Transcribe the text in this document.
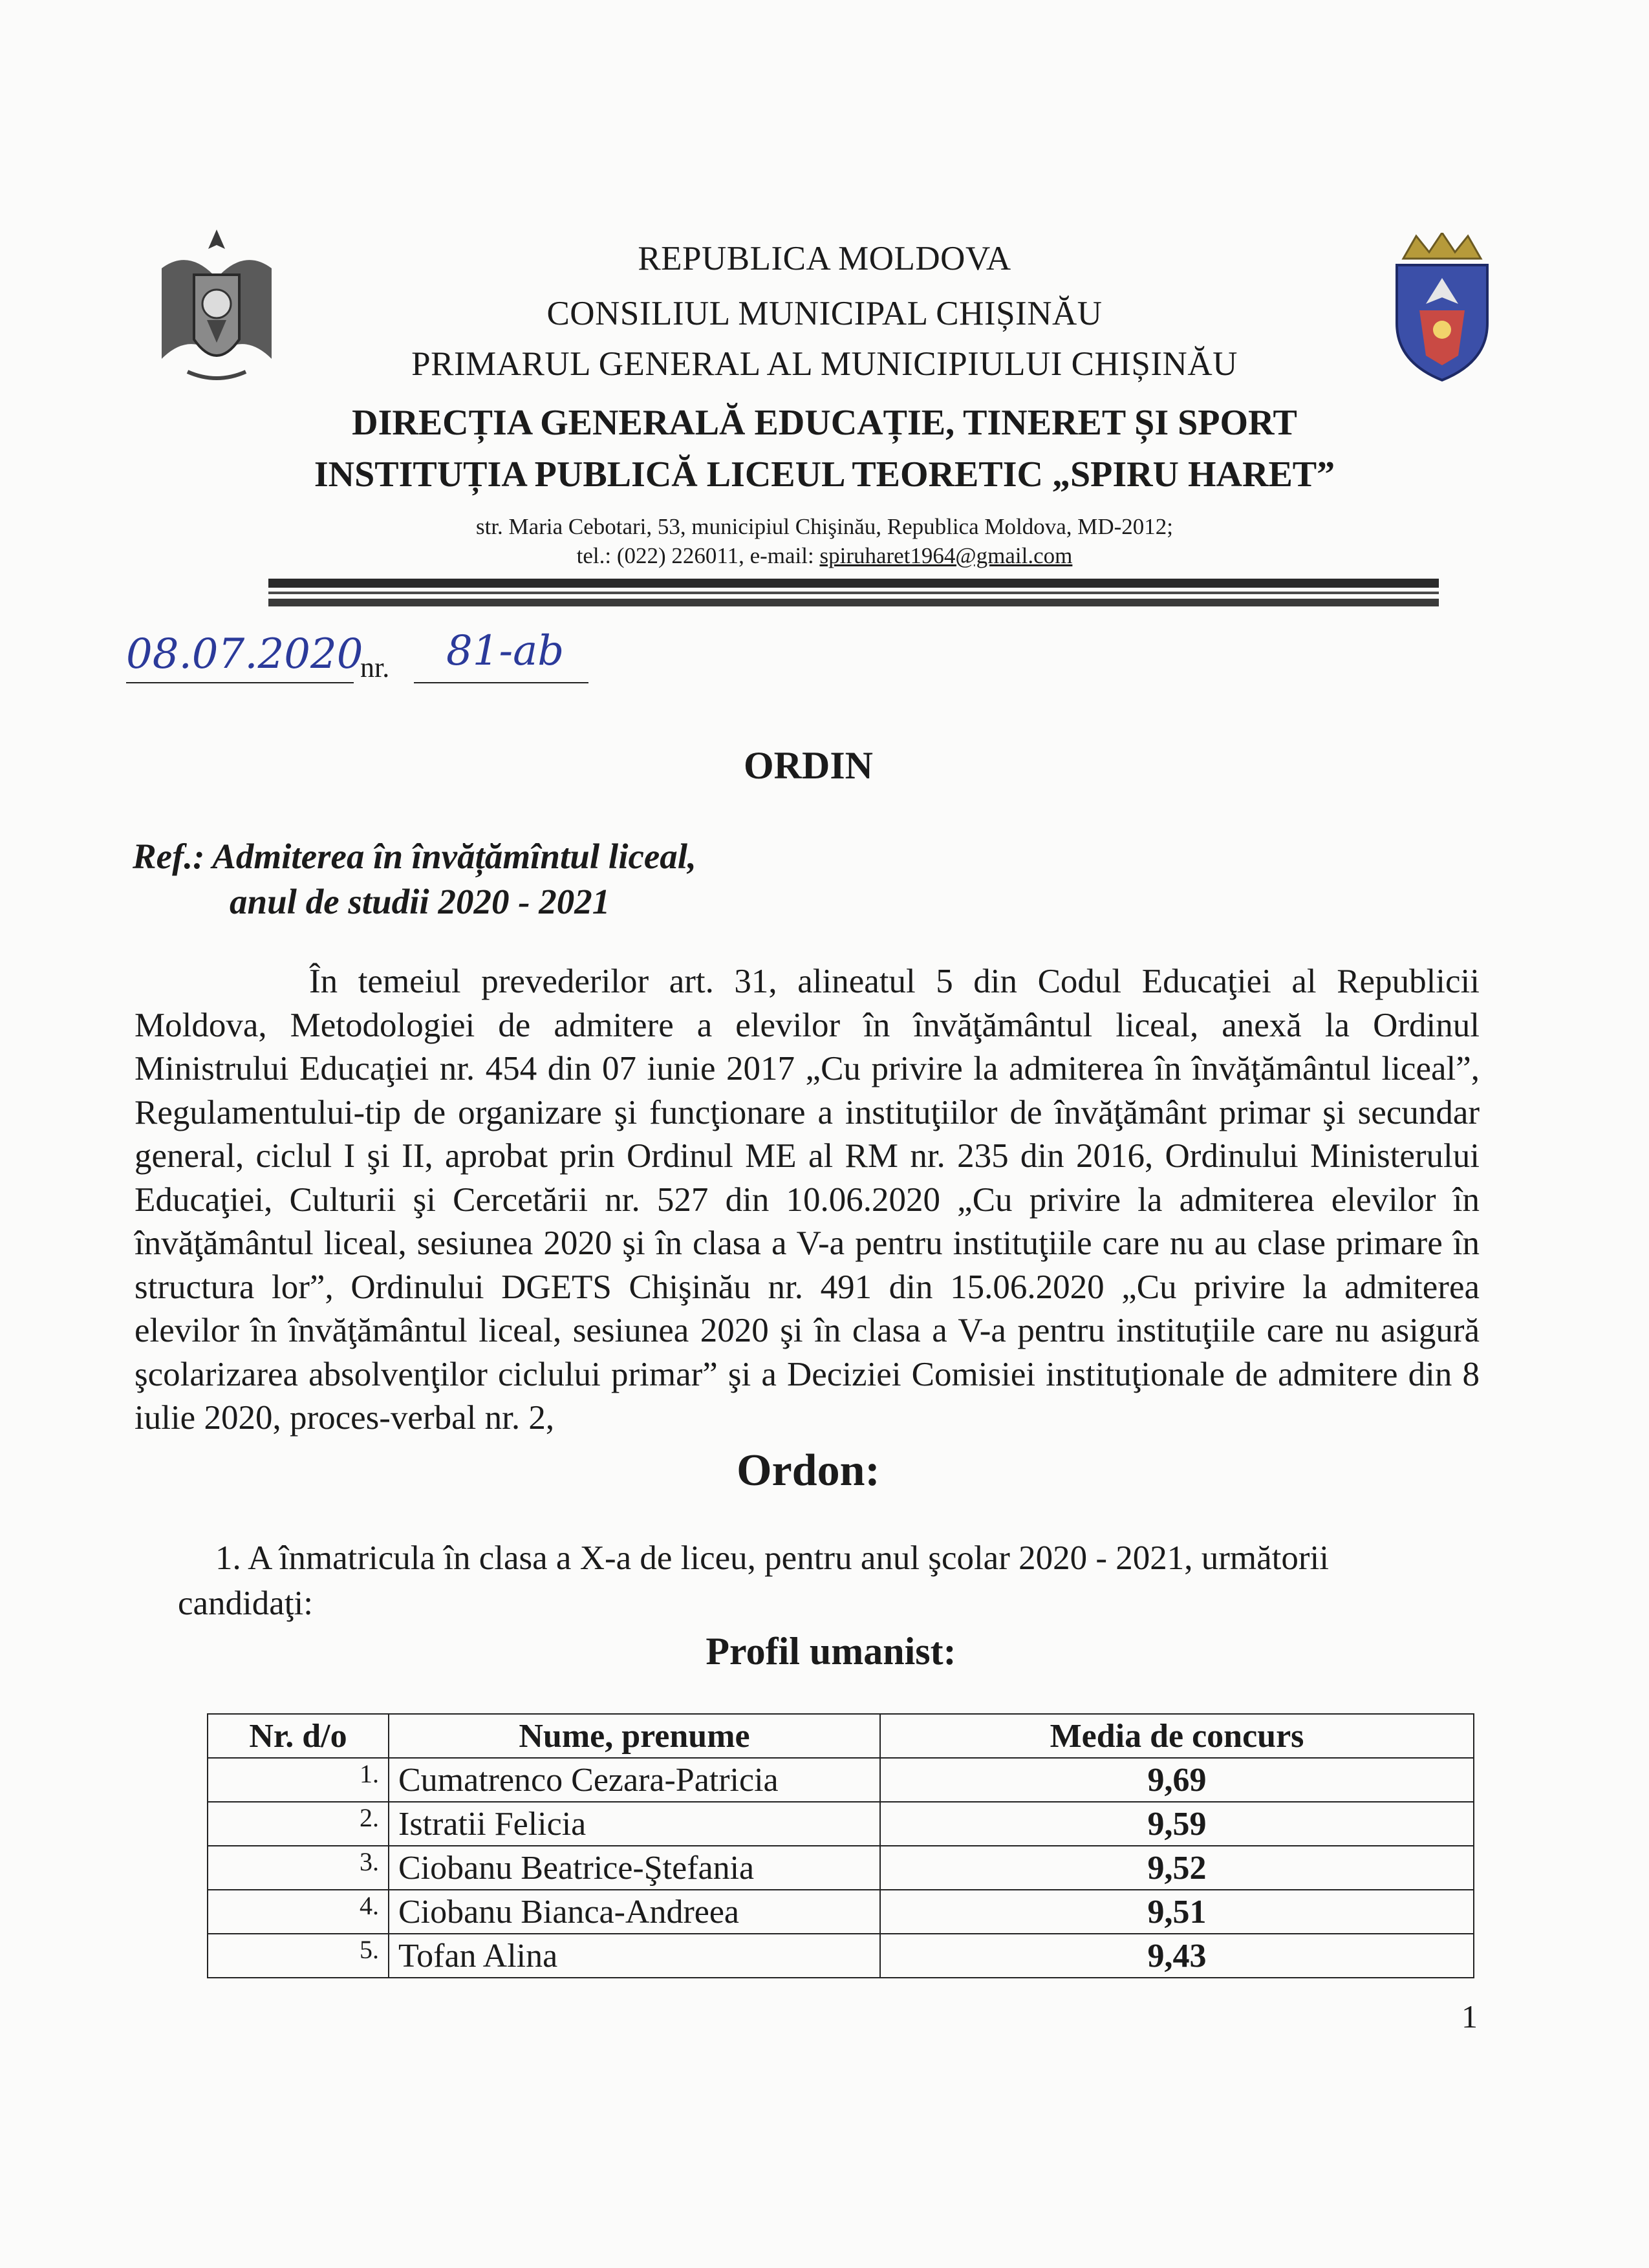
REPUBLICA MOLDOVA
CONSILIUL MUNICIPAL CHIȘINĂU
PRIMARUL GENERAL AL MUNICIPIULUI CHIȘINĂU
DIRECȚIA GENERALĂ EDUCAȚIE, TINERET ȘI SPORT
INSTITUȚIA PUBLICĂ LICEUL TEORETIC „SPIRU HARET”
str. Maria Cebotari, 53, municipiul Chişinău, Republica Moldova, MD-2012;
tel.: (022) 226011, e-mail: spiruharet1964@gmail.com
08.07.2020
nr. 81-ab
ORDIN
Ref.: Admiterea în învățămîntul liceal,
anul de studii 2020 - 2021

În temeiul prevederilor art. 31, alineatul 5 din Codul Educaţiei al Republicii Moldova, Metodologiei de admitere a elevilor în învăţământul liceal, anexă la Ordinul Ministrului Educaţiei nr. 454 din 07 iunie 2017 „Cu privire la admiterea în învăţământul liceal”, Regulamentului-tip de organizare şi funcţionare a instituţiilor de învăţământ primar şi secundar general, ciclul I şi II, aprobat prin Ordinul ME al RM nr. 235 din 2016, Ordinului Ministerului Educaţiei, Culturii şi Cercetării nr. 527 din 10.06.2020 „Cu privire la admiterea elevilor în învăţământul liceal, sesiunea 2020 şi în clasa a V-a pentru instituţiile care nu au clase primare în structura lor”, Ordinului DGETS Chişinău nr. 491 din 15.06.2020 „Cu privire la admiterea elevilor în învăţământul liceal, sesiunea 2020 şi în clasa a V-a pentru instituţiile care nu asigură şcolarizarea absolvenţilor ciclului primar” şi a Deciziei Comisiei instituţionale de admitere din 8 iulie 2020, proces-verbal nr. 2,

Ordon:
1. A înmatricula în clasa a X-a de liceu, pentru anul şcolar 2020 - 2021, următorii
candidaţi:
Profil umanist:
Nr. d/o	Nume, prenume	Media de concurs
1.	Cumatrenco Cezara-Patricia	9,69
2.	Istratii Felicia	9,59
3.	Ciobanu Beatrice-Ştefania	9,52
4.	Ciobanu Bianca-Andreea	9,51
5.	Tofan Alina	9,43
1
